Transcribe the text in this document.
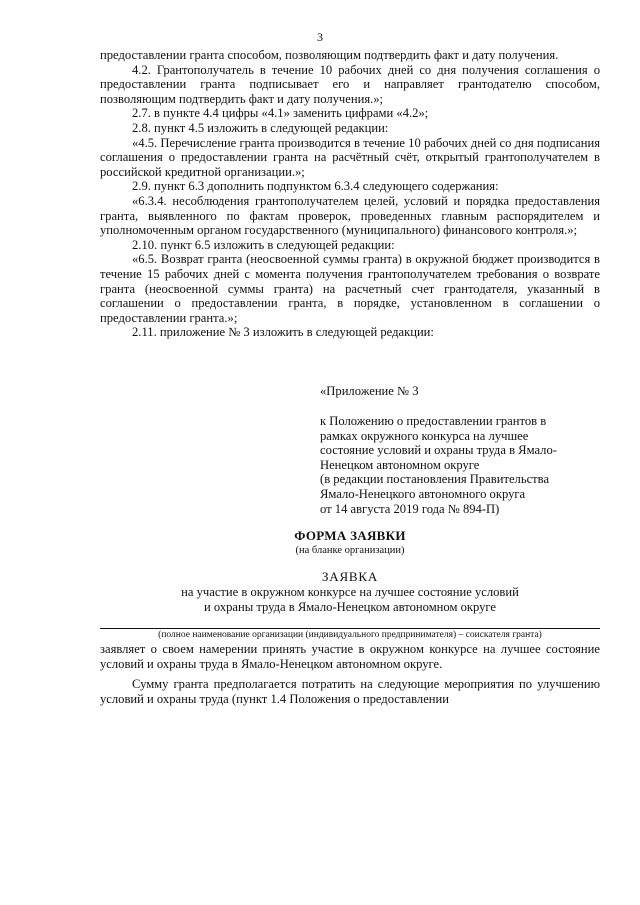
3

предоставлении гранта способом, позволяющим подтвердить факт и дату получения.

4.2. Грантополучатель в течение 10 рабочих дней со дня получения соглашения о предоставлении гранта подписывает его и направляет грантодателю способом, позволяющим подтвердить факт и дату получения.»;

2.7. в пункте 4.4 цифры «4.1» заменить цифрами «4.2»;

2.8. пункт 4.5 изложить в следующей редакции:

«4.5. Перечисление гранта производится в течение 10 рабочих дней со дня подписания соглашения о предоставлении гранта на расчётный счёт, открытый грантополучателем в российской кредитной организации.»;

2.9. пункт 6.3 дополнить подпунктом 6.3.4 следующего содержания:

«6.3.4. несоблюдения грантополучателем целей, условий и порядка предоставления гранта, выявленного по фактам проверок, проведенных главным распорядителем и уполномоченным органом государственного (муниципального) финансового контроля.»;

2.10. пункт 6.5 изложить в следующей редакции:

«6.5. Возврат гранта (неосвоенной суммы гранта) в окружной бюджет производится в течение 15 рабочих дней с момента получения грантополучателем требования о возврате гранта (неосвоенной суммы гранта) на расчетный счет грантодателя, указанный в соглашении о предоставлении гранта, в порядке, установленном в соглашении о предоставлении гранта.»;

2.11. приложение № 3 изложить в следующей редакции:

«Приложение № 3

к Положению о предоставлении грантов в

рамках окружного конкурса на лучшее

состояние условий и охраны труда в Ямало-

Ненецком автономном округе

(в редакции постановления Правительства

Ямало-Ненецкого автономного округа

от 14 августа 2019 года № 894-П)

ФОРМА ЗАЯВКИ
(на бланке организации)
ЗАЯВКА
на участие в окружном конкурсе на лучшее состояние условий
и охраны труда в Ямало-Ненецком автономном округе
(полное наименование организации (индивидуального предпринимателя) – соискателя гранта)

заявляет о своем намерении принять участие в окружном конкурсе на лучшее состояние условий и охраны труда в Ямало-Ненецком автономном округе.

Сумму гранта предполагается потратить на следующие мероприятия по улучшению условий и охраны труда (пункт 1.4 Положения о предоставлении
